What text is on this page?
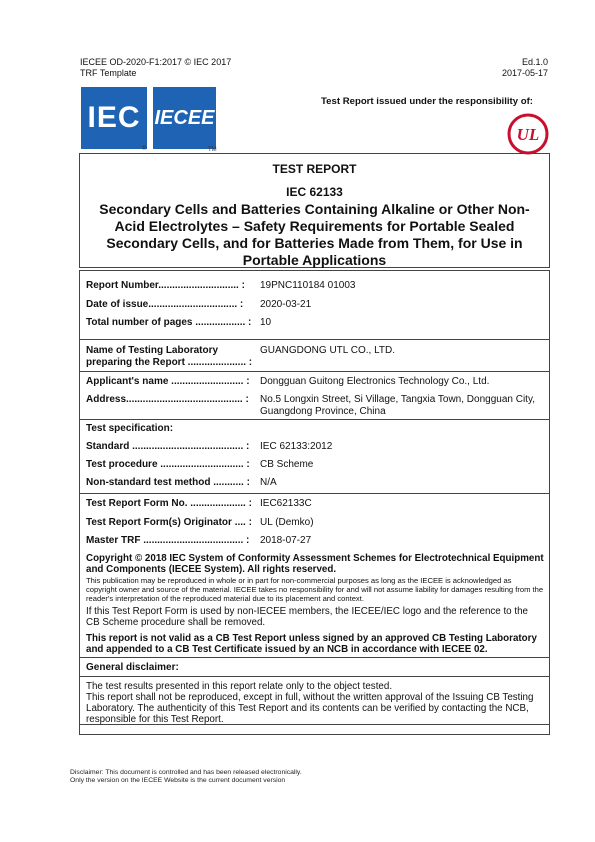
IECEE OD-2020-F1:2017 © IEC 2017
TRF Template
Ed.1.0
2017-05-17
IEC
®
IECEE
TM
Test Report issued under the responsibility of:
UL
TEST REPORT
IEC 62133
Secondary Cells and Batteries Containing Alkaline or Other Non-Acid Electrolytes – Safety Requirements for Portable Sealed Secondary Cells, and for Batteries Made from Them, for Use in Portable Applications
Report Number............................. : 19PNC110184 01003
Date of issue................................ : 2020-03-21
Total number of pages .................. : 10
Name of Testing Laboratory
preparing the Report ..................... :
GUANGDONG UTL CO., LTD.
Applicant's name .......................... : Dongguan Guitong Electronics Technology Co., Ltd.
Address.......................................... : No.5 Longxin Street, Si Village, Tangxia Town, Dongguan City, Guangdong Province, China
Test specification:
Standard ........................................ : IEC 62133:2012
Test procedure .............................. : CB Scheme
Non-standard test method ........... : N/A
Test Report Form No. .................... : IEC62133C
Test Report Form(s) Originator .... : UL (Demko)
Master TRF .................................... : 2018-07-27
Copyright © 2018 IEC System of Conformity Assessment Schemes for Electrotechnical Equipment and Components (IECEE System). All rights reserved.
This publication may be reproduced in whole or in part for non-commercial purposes as long as the IECEE is acknowledged as copyright owner and source of the material. IECEE takes no responsibility for and will not assume liability for damages resulting from the reader's interpretation of the reproduced material due to its placement and context.
If this Test Report Form is used by non-IECEE members, the IECEE/IEC logo and the reference to the CB Scheme procedure shall be removed.
This report is not valid as a CB Test Report unless signed by an approved CB Testing Laboratory and appended to a CB Test Certificate issued by an NCB in accordance with IECEE 02.
General disclaimer:
The test results presented in this report relate only to the object tested.
This report shall not be reproduced, except in full, without the written approval of the Issuing CB Testing Laboratory. The authenticity of this Test Report and its contents can be verified by contacting the NCB, responsible for this Test Report.
Disclaimer: This document is controlled and has been released electronically.
Only the version on the IECEE Website is the current document version
